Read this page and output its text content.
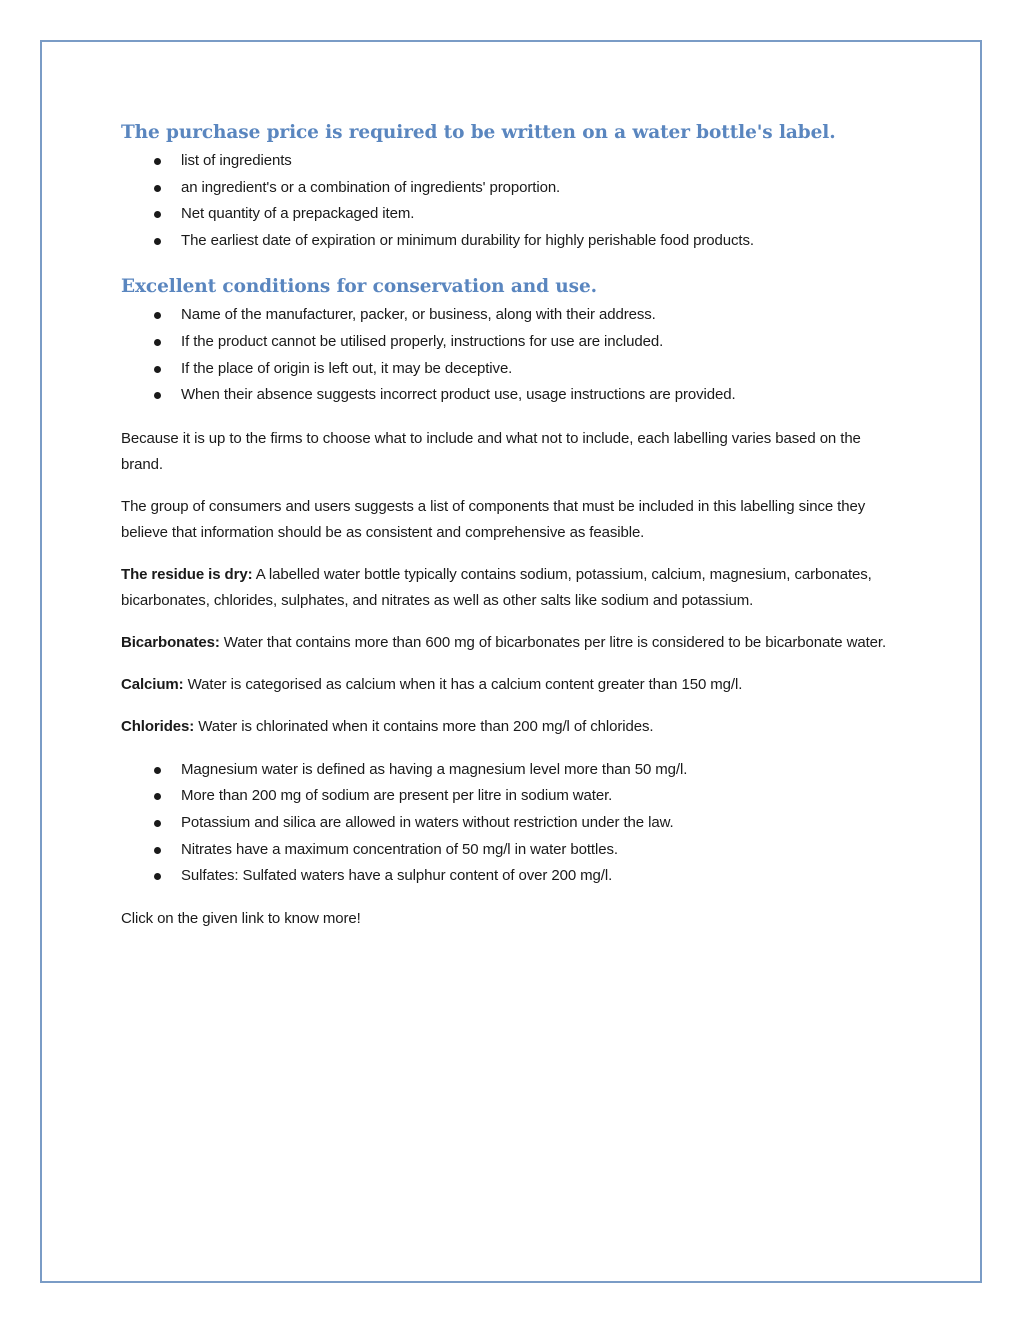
The purchase price is required to be written on a water bottle's label.
list of ingredients
an ingredient's or a combination of ingredients' proportion.
Net quantity of a prepackaged item.
The earliest date of expiration or minimum durability for highly perishable food products.
Excellent conditions for conservation and use.
Name of the manufacturer, packer, or business, along with their address.
If the product cannot be utilised properly, instructions for use are included.
If the place of origin is left out, it may be deceptive.
When their absence suggests incorrect product use, usage instructions are provided.

Because it is up to the firms to choose what to include and what not to include, each labelling varies based on the brand.

The group of consumers and users suggests a list of components that must be included in this labelling since they believe that information should be as consistent and comprehensive as feasible.

The residue is dry: A labelled water bottle typically contains sodium, potassium, calcium, magnesium, carbonates, bicarbonates, chlorides, sulphates, and nitrates as well as other salts like sodium and potassium.

Bicarbonates: Water that contains more than 600 mg of bicarbonates per litre is considered to be bicarbonate water.

Calcium: Water is categorised as calcium when it has a calcium content greater than 150 mg/l.

Chlorides: Water is chlorinated when it contains more than 200 mg/l of chlorides.

Magnesium water is defined as having a magnesium level more than 50 mg/l.
More than 200 mg of sodium are present per litre in sodium water.
Potassium and silica are allowed in waters without restriction under the law.
Nitrates have a maximum concentration of 50 mg/l in water bottles.
Sulfates: Sulfated waters have a sulphur content of over 200 mg/l.

Click on the given link to know more!
